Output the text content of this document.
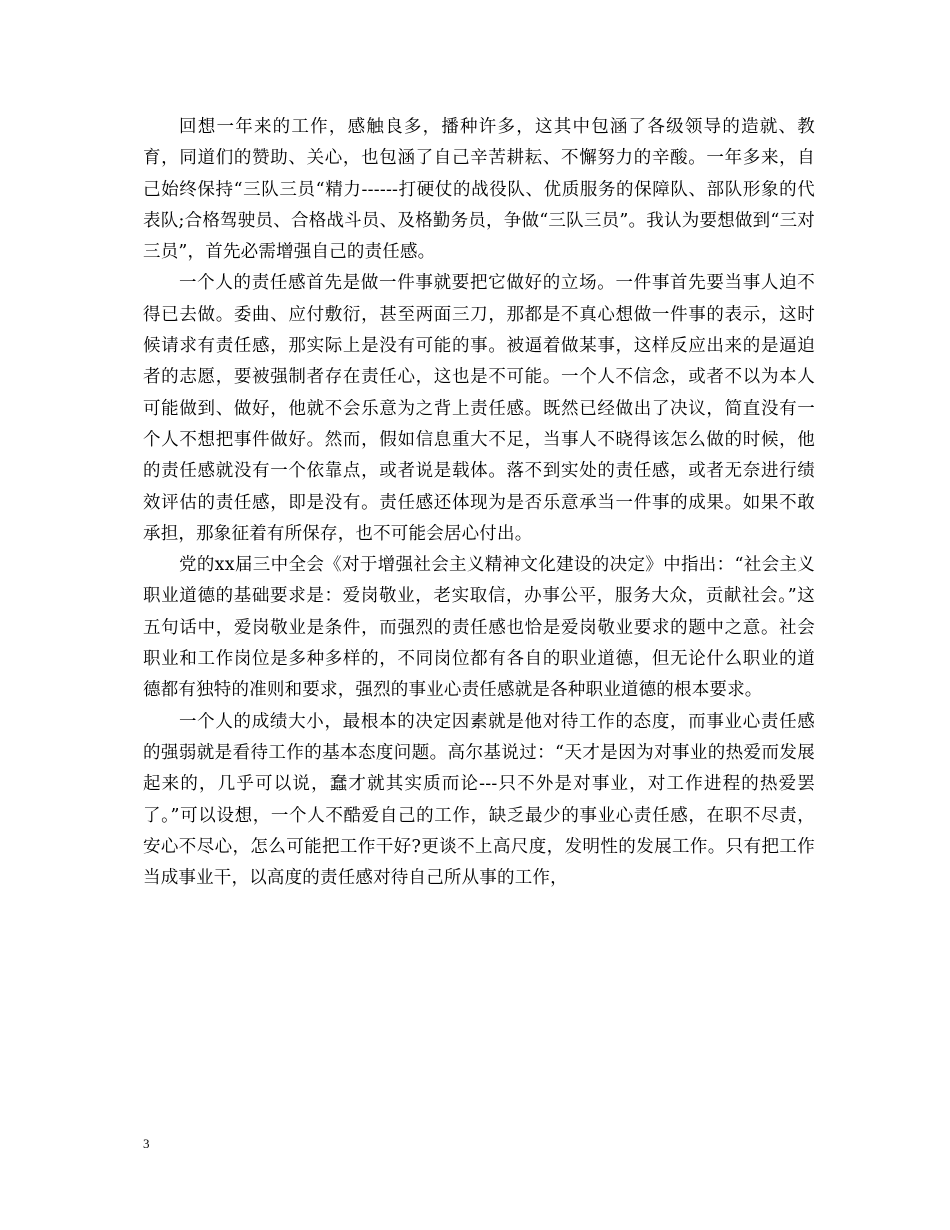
回想一年来的工作，感触良多，播种许多，这其中包涵了各级领导的造就、教育，同道们的赞助、关心，也包涵了自己辛苦耕耘、不懈努力的辛酸。一年多来，自己始终保持“三队三员“精力------打硬仗的战役队、优质服务的保障队、部队形象的代表队;合格驾驶员、合格战斗员、及格勤务员，争做“三队三员”。我认为要想做到“三对三员”，首先必需增强自己的责任感。

一个人的责任感首先是做一件事就要把它做好的立场。一件事首先要当事人迫不得已去做。委曲、应付敷衍，甚至两面三刀，那都是不真心想做一件事的表示，这时候请求有责任感，那实际上是没有可能的事。被逼着做某事，这样反应出来的是逼迫者的志愿，要被强制者存在责任心，这也是不可能。一个人不信念，或者不以为本人可能做到、做好，他就不会乐意为之背上责任感。既然已经做出了决议，简直没有一个人不想把事件做好。然而，假如信息重大不足，当事人不晓得该怎么做的时候，他的责任感就没有一个依靠点，或者说是载体。落不到实处的责任感，或者无奈进行绩效评估的责任感，即是没有。责任感还体现为是否乐意承当一件事的成果。如果不敢承担，那象征着有所保存，也不可能会居心付出。

党的xx届三中全会《对于增强社会主义精神文化建设的决定》中指出：“社会主义职业道德的基础要求是：爱岗敬业，老实取信，办事公平，服务大众，贡献社会。”这五句话中，爱岗敬业是条件，而强烈的责任感也恰是爱岗敬业要求的题中之意。社会职业和工作岗位是多种多样的，不同岗位都有各自的职业道德，但无论什么职业的道德都有独特的准则和要求，强烈的事业心责任感就是各种职业道德的根本要求。

一个人的成绩大小，最根本的决定因素就是他对待工作的态度，而事业心责任感的强弱就是看待工作的基本态度问题。高尔基说过：“天才是因为对事业的热爱而发展起来的，几乎可以说，蠢才就其实质而论---只不外是对事业，对工作进程的热爱罢了。”可以设想，一个人不酷爱自己的工作，缺乏最少的事业心责任感，在职不尽责，安心不尽心，怎么可能把工作干好?更谈不上高尺度，发明性的发展工作。只有把工作当成事业干，以高度的责任感对待自己所从事的工作，

3
